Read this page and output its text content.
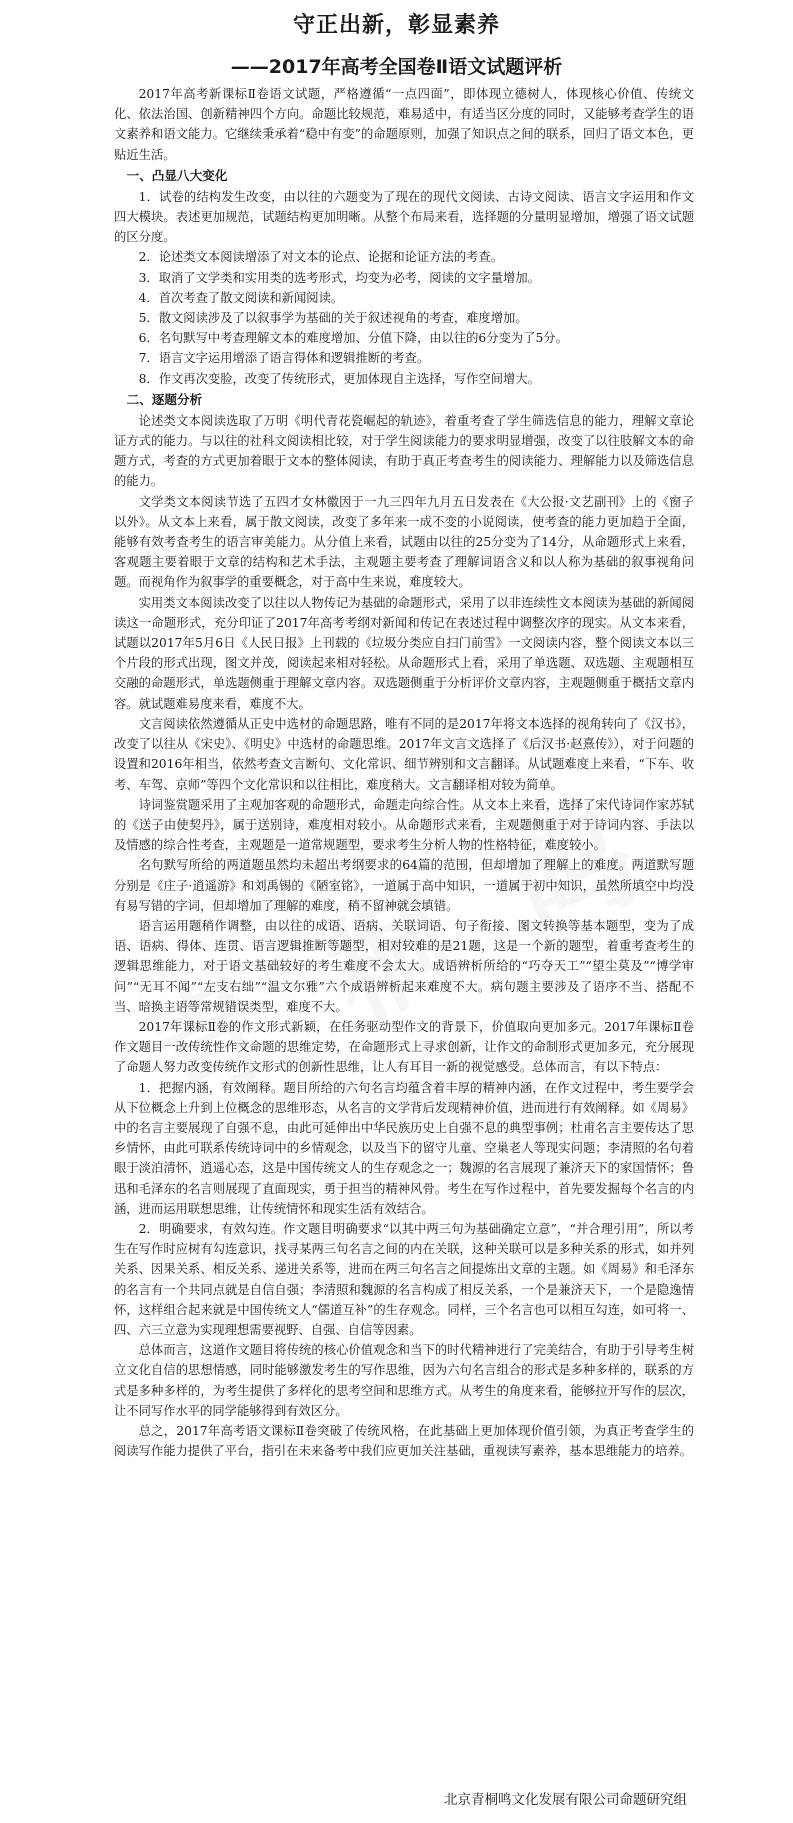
守正出新，彰显素养
——2017年高考全国卷Ⅱ语文试题评析

2017年高考新课标Ⅱ卷语文试题，严格遵循“一点四面”，即体现立德树人，体现核心价值、传统文化、依法治国、创新精神四个方向。命题比较规范，难易适中，有适当区分度的同时，又能够考查学生的语文素养和语文能力。它继续秉承着“稳中有变”的命题原则，加强了知识点之间的联系，回归了语文本色，更贴近生活。

一、凸显八大变化

1．试卷的结构发生改变，由以往的六题变为了现在的现代文阅读、古诗文阅读、语言文字运用和作文四大模块。表述更加规范，试题结构更加明晰。从整个布局来看，选择题的分量明显增加，增强了语文试题的区分度。

2．论述类文本阅读增添了对文本的论点、论据和论证方法的考查。

3．取消了文学类和实用类的选考形式，均变为必考，阅读的文字量增加。

4．首次考查了散文阅读和新闻阅读。

5．散文阅读涉及了以叙事学为基础的关于叙述视角的考查，难度增加。

6．名句默写中考查理解文本的难度增加、分值下降，由以往的6分变为了5分。

7．语言文字运用增添了语言得体和逻辑推断的考查。

8．作文再次变脸，改变了传统形式，更加体现自主选择，写作空间增大。

二、逐题分析

论述类文本阅读选取了万明《明代青花瓷崛起的轨迹》，着重考查了学生筛选信息的能力，理解文章论证方式的能力。与以往的社科文阅读相比较，对于学生阅读能力的要求明显增强，改变了以往肢解文本的命题方式，考查的方式更加着眼于文本的整体阅读，有助于真正考查考生的阅读能力、理解能力以及筛选信息的能力。

文学类文本阅读节选了五四才女林徽因于一九三四年九月五日发表在《大公报·文艺副刊》上的《窗子以外》。从文本上来看，属于散文阅读，改变了多年来一成不变的小说阅读，使考查的能力更加趋于全面，能够有效考查考生的语言审美能力。从分值上来看，试题由以往的25分变为了14分，从命题形式上来看，客观题主要着眼于文章的结构和艺术手法，主观题主要考查了理解词语含义和以人称为基础的叙事视角问题。而视角作为叙事学的重要概念，对于高中生来说，难度较大。

实用类文本阅读改变了以往以人物传记为基础的命题形式，采用了以非连续性文本阅读为基础的新闻阅读这一命题形式，充分印证了2017年高考考纲对新闻和传记在表述过程中调整次序的现实。从文本来看，试题以2017年5月6日《人民日报》上刊载的《垃圾分类应自扫门前雪》一文阅读内容，整个阅读文本以三个片段的形式出现，图文并茂，阅读起来相对轻松。从命题形式上看，采用了单选题、双选题、主观题相互交融的命题形式，单选题侧重于理解文章内容。双选题侧重于分析评价文章内容，主观题侧重于概括文章内容。就试题难易度来看，难度不大。

文言阅读依然遵循从正史中选材的命题思路，唯有不同的是2017年将文本选择的视角转向了《汉书》，改变了以往从《宋史》、《明史》中选材的命题思维。2017年文言文选择了《后汉书·赵熹传》），对于问题的设置和2016年相当，依然考查文言断句、文化常识、细节辨别和文言翻译。从试题难度上来看，“下车、收考、车驾、京师”等四个文化常识和以往相比，难度稍大。文言翻译相对较为简单。

诗词鉴赏题采用了主观加客观的命题形式，命题走向综合性。从文本上来看，选择了宋代诗词作家苏轼的《送子由使契丹》，属于送别诗，难度相对较小。从命题形式来看，主观题侧重于对于诗词内容、手法以及情感的综合性考查，主观题是一道常规题型，要求考生分析人物的性格特征，难度较小。

名句默写所给的两道题虽然均未超出考纲要求的64篇的范围，但却增加了理解上的难度。两道默写题分别是《庄子·逍遥游》和刘禹锡的《陋室铭》，一道属于高中知识，一道属于初中知识，虽然所填空中均没有易写错的字词，但却增加了理解的难度，稍不留神就会填错。

语言运用题稍作调整，由以往的成语、语病、关联词语、句子衔接、图文转换等基本题型，变为了成语、语病、得体、连贯、语言逻辑推断等题型，相对较难的是21题，这是一个新的题型，着重考查考生的逻辑思维能力，对于语文基础较好的考生难度不会太大。成语辨析所给的“巧夺天工”“望尘莫及”“博学审问”“无耳不闻”“左支右绌”“温文尔雅”六个成语辨析起来难度不大。病句题主要涉及了语序不当、搭配不当、暗换主语等常规错误类型，难度不大。

2017年课标Ⅱ卷的作文形式新颖，在任务驱动型作文的背景下，价值取向更加多元。2017年课标Ⅱ卷作文题目一改传统性作文命题的思维定势，在命题形式上寻求创新，让作文的命制形式更加多元，充分展现了命题人努力改变传统作文形式的创新性思维，让人有耳目一新的视觉感受。总体而言，有以下特点：

1．把握内涵，有效阐释。题目所给的六句名言均蕴含着丰厚的精神内涵，在作文过程中，考生要学会从下位概念上升到上位概念的思维形态，从名言的文学背后发现精神价值，进而进行有效阐释。如《周易》中的名言主要展现了自强不息，由此可延伸出中华民族历史上自强不息的典型事例；杜甫名言主要传达了思乡情怀，由此可联系传统诗词中的乡情观念，以及当下的留守儿童、空巢老人等现实问题；李清照的名句着眼于淡泊清怀，逍遥心态，这是中国传统文人的生存观念之一；魏源的名言展现了兼济天下的家国情怀；鲁迅和毛泽东的名言则展现了直面现实，勇于担当的精神风骨。考生在写作过程中，首先要发掘每个名言的内涵，进而运用联想思维，让传统情怀和现实生活有效结合。

2．明确要求，有效勾连。作文题目明确要求“以其中两三句为基础确定立意”，“并合理引用”，所以考生在写作时应树有勾连意识，找寻某两三句名言之间的内在关联，这种关联可以是多种关系的形式，如并列关系、因果关系、相反关系、递进关系等，进而在两三句名言之间提炼出文章的主题。如《周易》和毛泽东的名言有一个共同点就是自信自强；李清照和魏源的名言构成了相反关系，一个是兼济天下，一个是隐逸情怀，这样组合起来就是中国传统文人“儒道互补”的生存观念。同样，三个名言也可以相互勾连，如可将一、四、六三立意为实现理想需要视野、自强、自信等因素。

总体而言，这道作文题目将传统的核心价值观念和当下的时代精神进行了完美结合，有助于引导考生树立文化自信的思想情感，同时能够激发考生的写作思维，因为六句名言组合的形式是多种多样的，联系的方式是多种多样的，为考生提供了多样化的思考空间和思维方式。从考生的角度来看，能够拉开写作的层次，让不同写作水平的同学能够得到有效区分。

总之，2017年高考语文课标Ⅱ卷突破了传统风格，在此基础上更加体现价值引领，为真正考查学生的阅读写作能力提供了平台，指引在未来备考中我们应更加关注基础，重视读写素养，基本思维能力的培养。

北京青桐鸣文化发展有限公司命题研究组
